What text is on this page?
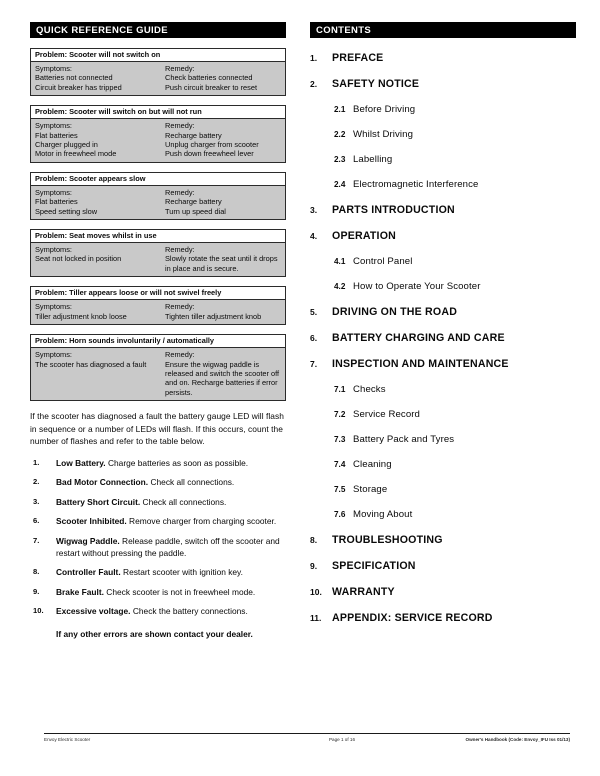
QUICK REFERENCE GUIDE
Problem: Scooter will not switch on
Symptoms:	Remedy:
Batteries not connected	Check batteries connected
Circuit breaker has tripped	Push circuit breaker to reset
Problem: Scooter will switch on but will not run
Symptoms:	Remedy:
Flat batteries	Recharge battery
Charger plugged in	Unplug charger from scooter
Motor in freewheel mode	Push down freewheel lever
Problem: Scooter appears slow
Symptoms:	Remedy:
Flat batteries	Recharge battery
Speed setting slow	Turn up speed dial
Problem: Seat moves whilst in use
Symptoms:	Remedy:
Seat not locked in position	Slowly rotate the seat until it drops in place and is secure.
Problem: Tiller appears loose or will not swivel freely
Symptoms:	Remedy:
Tiller adjustment knob loose	Tighten tiller adjustment knob
Problem: Horn sounds involuntarily / automatically
Symptoms:	Remedy:
The scooter has diagnosed a fault	Ensure the wigwag paddle is released and switch the scooter off and on. Recharge batteries if error persists.
If the scooter has diagnosed a fault the battery gauge LED will flash in sequence or a number of LEDs will flash. If this occurs, count the number of flashes and refer to the table below.
1.	Low Battery. Charge batteries as soon as possible.
2.	Bad Motor Connection. Check all connections.
3.	Battery Short Circuit. Check all connections.
6.	Scooter Inhibited. Remove charger from charging scooter.
7.	Wigwag Paddle. Release paddle, switch off the scooter and restart without pressing the paddle.
8.	Controller Fault. Restart scooter with ignition key.
9.	Brake Fault. Check scooter is not in freewheel mode.
10.	Excessive voltage. Check the battery connections.
If any other errors are shown contact your dealer.
CONTENTS
1.	PREFACE
2.	SAFETY NOTICE
2.1 Before Driving
2.2 Whilst Driving
2.3 Labelling
2.4 Electromagnetic Interference
3.	PARTS INTRODUCTION
4.	OPERATION
4.1 Control Panel
4.2 How to Operate Your Scooter
5.	DRIVING ON THE ROAD
6.	BATTERY CHARGING AND CARE
7.	INSPECTION AND MAINTENANCE
7.1 Checks
7.2 Service Record
7.3 Battery Pack and Tyres
7.4 Cleaning
7.5 Storage
7.6 Moving About
8.	TROUBLESHOOTING
9.	SPECIFICATION
10. WARRANTY
11.	APPENDIX: SERVICE RECORD
Envoy Electric Scooter	Page 1 of 16	Owner's Handbook (Code: Envoy_IFU Iss 01/13)
